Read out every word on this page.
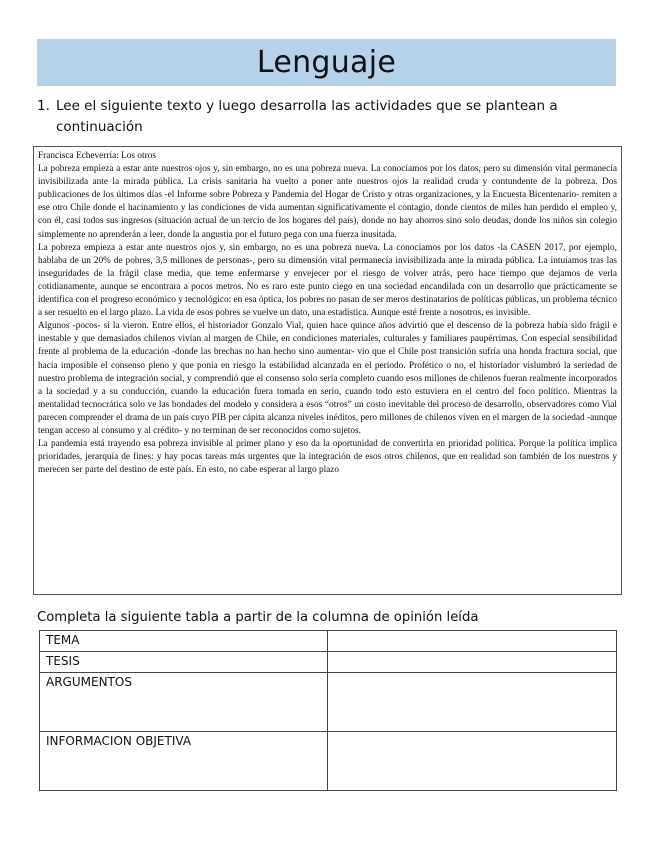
Lenguaje
1. Lee el siguiente texto y luego desarrolla las actividades que se plantean a continuación

Francisca Echeverría: Los otros

La pobreza empieza a estar ante nuestros ojos y, sin embargo, no es una pobreza nueva. La conocíamos por los datos, pero su dimensión vital permanecía invisibilizada ante la mirada pública. La crisis sanitaria ha vuelto a poner ante nuestros ojos la realidad cruda y contundente de la pobreza. Dos publicaciones de los últimos días -el Informe sobre Pobreza y Pandemia del Hogar de Cristo y otras organizaciones, y la Encuesta Bicentenario- remiten a ese otro Chile donde el hacinamiento y las condiciones de vida aumentan significativamente el contagio, donde cientos de miles han perdido el empleo y, con él, casi todos sus ingresos (situación actual de un tercio de los hogares del país), donde no hay ahorros sino solo deudas, donde los niños sin colegio simplemente no aprenderán a leer, donde la angustia por el futuro pega con una fuerza inusitada.

La pobreza empieza a estar ante nuestros ojos y, sin embargo, no es una pobreza nueva. La conocíamos por los datos -la CASEN 2017, por ejemplo, hablaba de un 20% de pobres, 3,5 millones de personas-, pero su dimensión vital permanecía invisibilizada ante la mirada pública. La intuíamos tras las inseguridades de la frágil clase media, que teme enfermarse y envejecer por el riesgo de volver atrás, pero hace tiempo que dejamos de verla cotidianamente, aunque se encontrara a pocos metros. No es raro este punto ciego en una sociedad encandilada con un desarrollo que prácticamente se identifica con el progreso económico y tecnológico: en esa óptica, los pobres no pasan de ser meros destinatarios de políticas públicas, un problema técnico a ser resuelto en el largo plazo. La vida de esos pobres se vuelve un dato, una estadística. Aunque esté frente a nosotros, es invisible.

Algunos -pocos- sí la vieron. Entre ellos, el historiador Gonzalo Vial, quien hace quince años advirtió que el descenso de la pobreza había sido frágil e inestable y que demasiados chilenos vivían al margen de Chile, en condiciones materiales, culturales y familiares paupérrimas. Con especial sensibilidad frente al problema de la educación -donde las brechas no han hecho sino aumentar- vio que el Chile post transición sufría una honda fractura social, que hacía imposible el consenso pleno y que ponía en riesgo la estabilidad alcanzada en el período. Profético o no, el historiador vislumbró la seriedad de nuestro problema de integración social, y comprendió que el consenso solo sería completo cuando esos millones de chilenos fueran realmente incorporados a la sociedad y a su conducción, cuando la educación fuera tomada en serio, cuando todo esto estuviera en el centro del foco político. Mientras la mentalidad tecnocrática solo ve las bondades del modelo y considera a esos “otros” un costo inevitable del proceso de desarrollo, observadores como Vial parecen comprender el drama de un país cuyo PIB per cápita alcanza niveles inéditos, pero millones de chilenos viven en el margen de la sociedad -aunque tengan acceso al consumo y al crédito- y no terminan de ser reconocidos como sujetos.

La pandemia está trayendo esa pobreza invisible al primer plano y eso da la oportunidad de convertirla en prioridad política. Porque la política implica prioridades, jerarquía de fines: y hay pocas tareas más urgentes que la integración de esos otros chilenos, que en realidad son también de los nuestros y merecen ser parte del destino de este país. En esto, no cabe esperar al largo plazo

Completa la siguiente tabla a partir de la columna de opinión leída
TEMA	
TESIS	
ARGUMENTOS	
INFORMACION OBJETIVA	
